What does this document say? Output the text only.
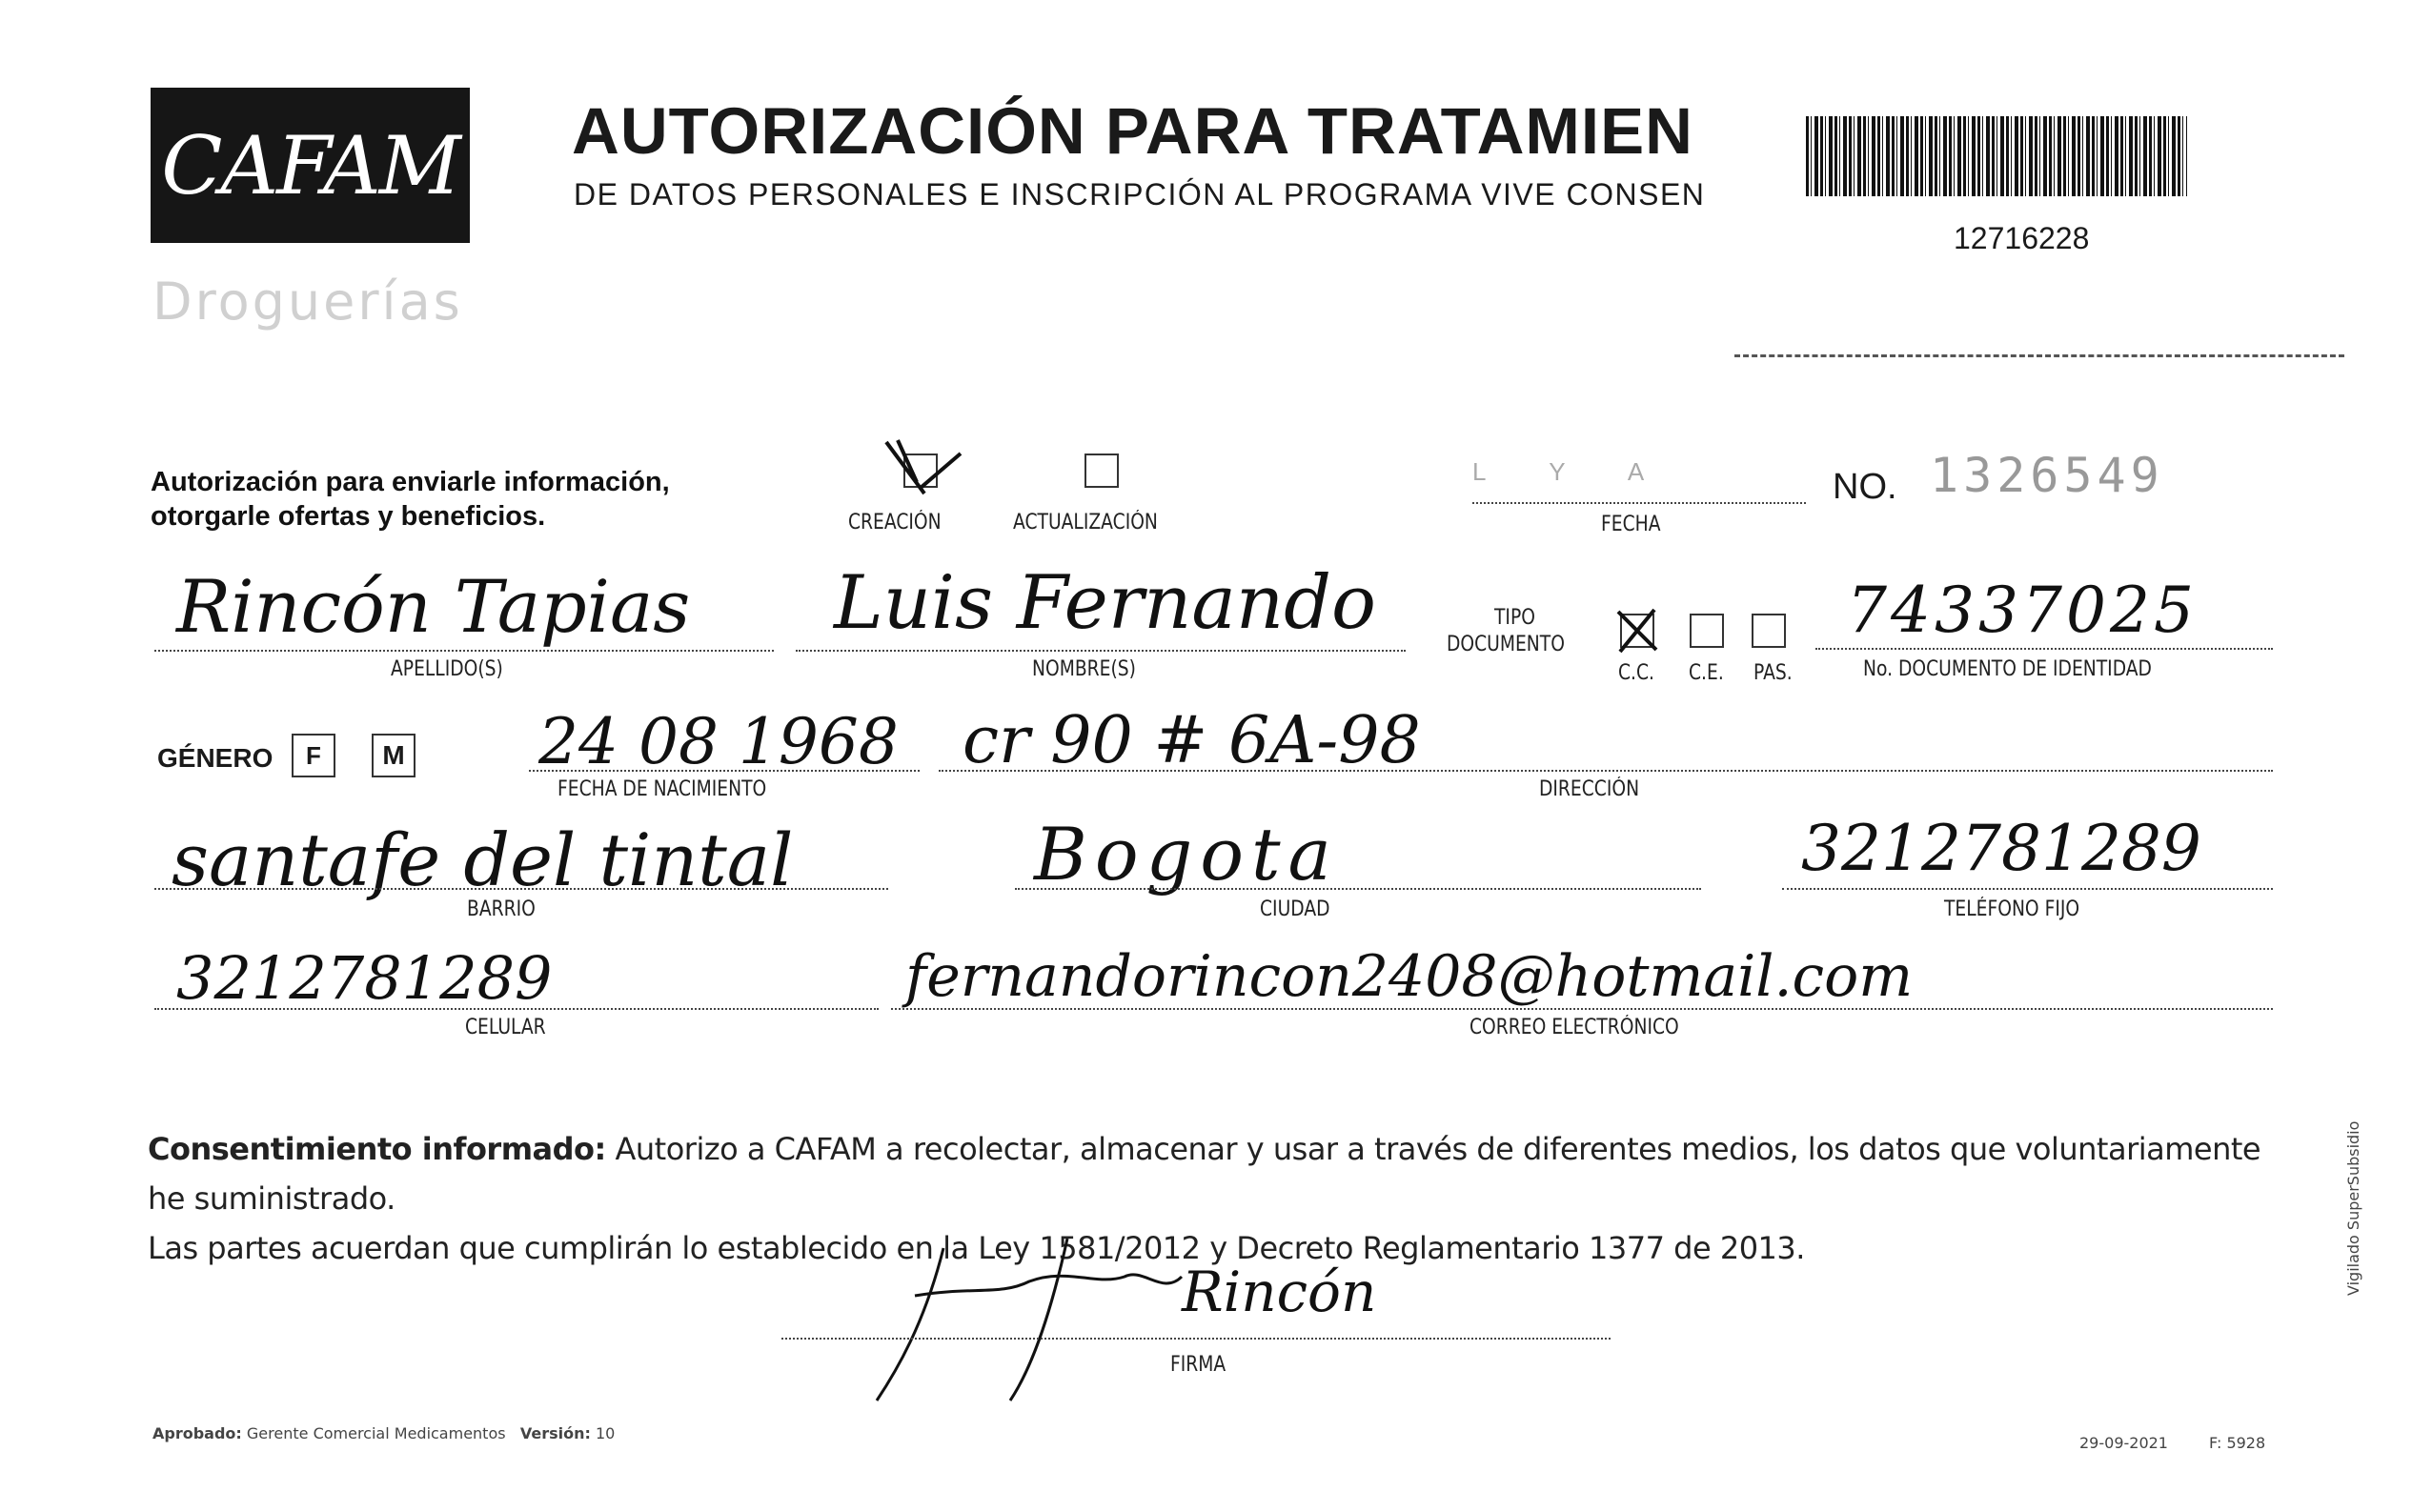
CAFAM
Droguerías
AUTORIZACIÓN PARA TRATAMIEN
DE DATOS PERSONALES E INSCRIPCIÓN AL PROGRAMA VIVE CONSEN
12716228
Autorización para enviarle información,
otorgarle ofertas y beneficios.	CREACIÓN	ACTUALIZACIÓN
L Y A
FECHA
NO. 1326549
Rincón Tapias
APELLIDO(S)
Luis Fernando
NOMBRE(S)
TIPO
DOCUMENTO
C.C. C.E. PAS.
74337025
No. DOCUMENTO DE IDENTIDAD
GÉNERO F M 24 08 1968
FECHA DE NACIMIENTO
cr 90 # 6A-98
DIRECCIÓN
santafe del tintal
BARRIO
Bogota
CIUDAD
3212781289
TELÉFONO FIJO
3212781289
CELULAR
fernandorincon2408@hotmail.com
CORREO ELECTRÓNICO
Consentimiento informado: Autorizo a CAFAM a recolectar, almacenar y usar a través de diferentes medios, los datos que voluntariamente he suministrado.
Las partes acuerdan que cumplirán lo establecido en la Ley 1581/2012 y Decreto Reglamentario 1377 de 2013.
Rincón
FIRMA
Aprobado: Gerente Comercial Medicamentos Versión: 10
29-09-2021	F: 5928
Vigilado SuperSubsidio
